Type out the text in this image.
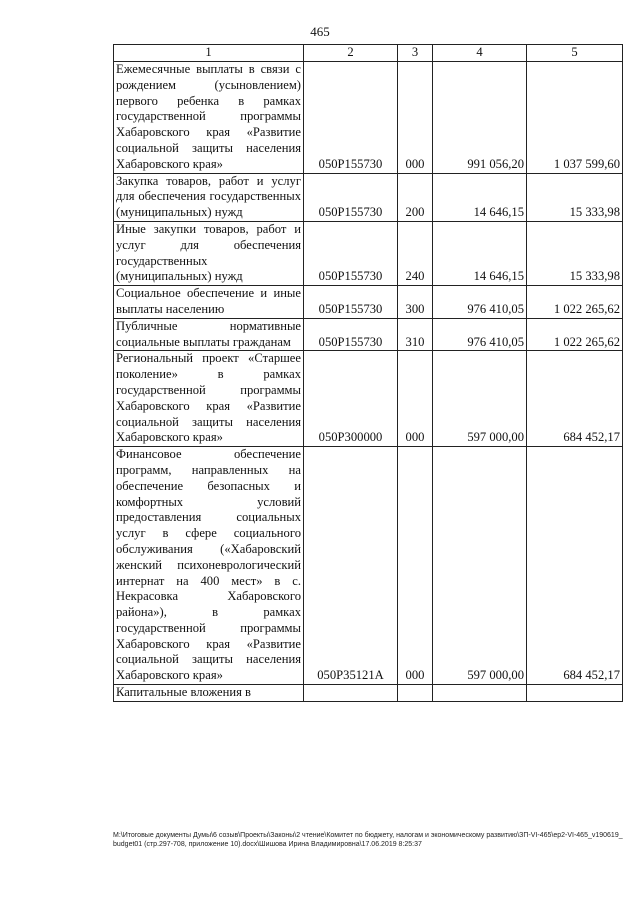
465
1	2	3	4	5
Ежемесячные выплаты в связи с рождением (усыновлением) первого ребенка в рамках государственной программы Хабаровского края «Развитие социальной защиты населения Хабаровского края»	050Р155730	000	991 056,20	1 037 599,60
Закупка товаров, работ и услуг для обеспечения государственных (муниципальных) нужд	050Р155730	200	14 646,15	15 333,98
Иные закупки товаров, работ и услуг для обеспечения государственных (муниципальных) нужд	050Р155730	240	14 646,15	15 333,98
Социальное обеспечение и иные выплаты населению	050Р155730	300	976 410,05	1 022 265,62
Публичные нормативные социальные выплаты гражданам	050Р155730	310	976 410,05	1 022 265,62
Региональный проект «Старшее поколение» в рамках государственной программы Хабаровского края «Развитие социальной защиты населения Хабаровского края»	050Р300000	000	597 000,00	684 452,17
Финансовое обеспечение программ, направленных на обеспечение безопасных и комфортных условий предоставления социальных услуг в сфере социального обслуживания («Хабаровский женский психоневрологический интернат на 400 мест» в с. Некрасовка Хабаровского района»), в рамках государственной программы Хабаровского края «Развитие социальной защиты населения Хабаровского края»	050Р35121А	000	597 000,00	684 452,17
Капитальные вложения в				
M:\Итоговые документы Думы\6 созыв\Проекты\Законы\2 чтение\Комитет по бюджету, налогам и экономическому развитию\ЗП-VI-465\ep2-VI-465_v190619_budget01 (стр.297-708, приложение 10).docx\Шишова Ирина Владимировна\17.06.2019 8:25:37
